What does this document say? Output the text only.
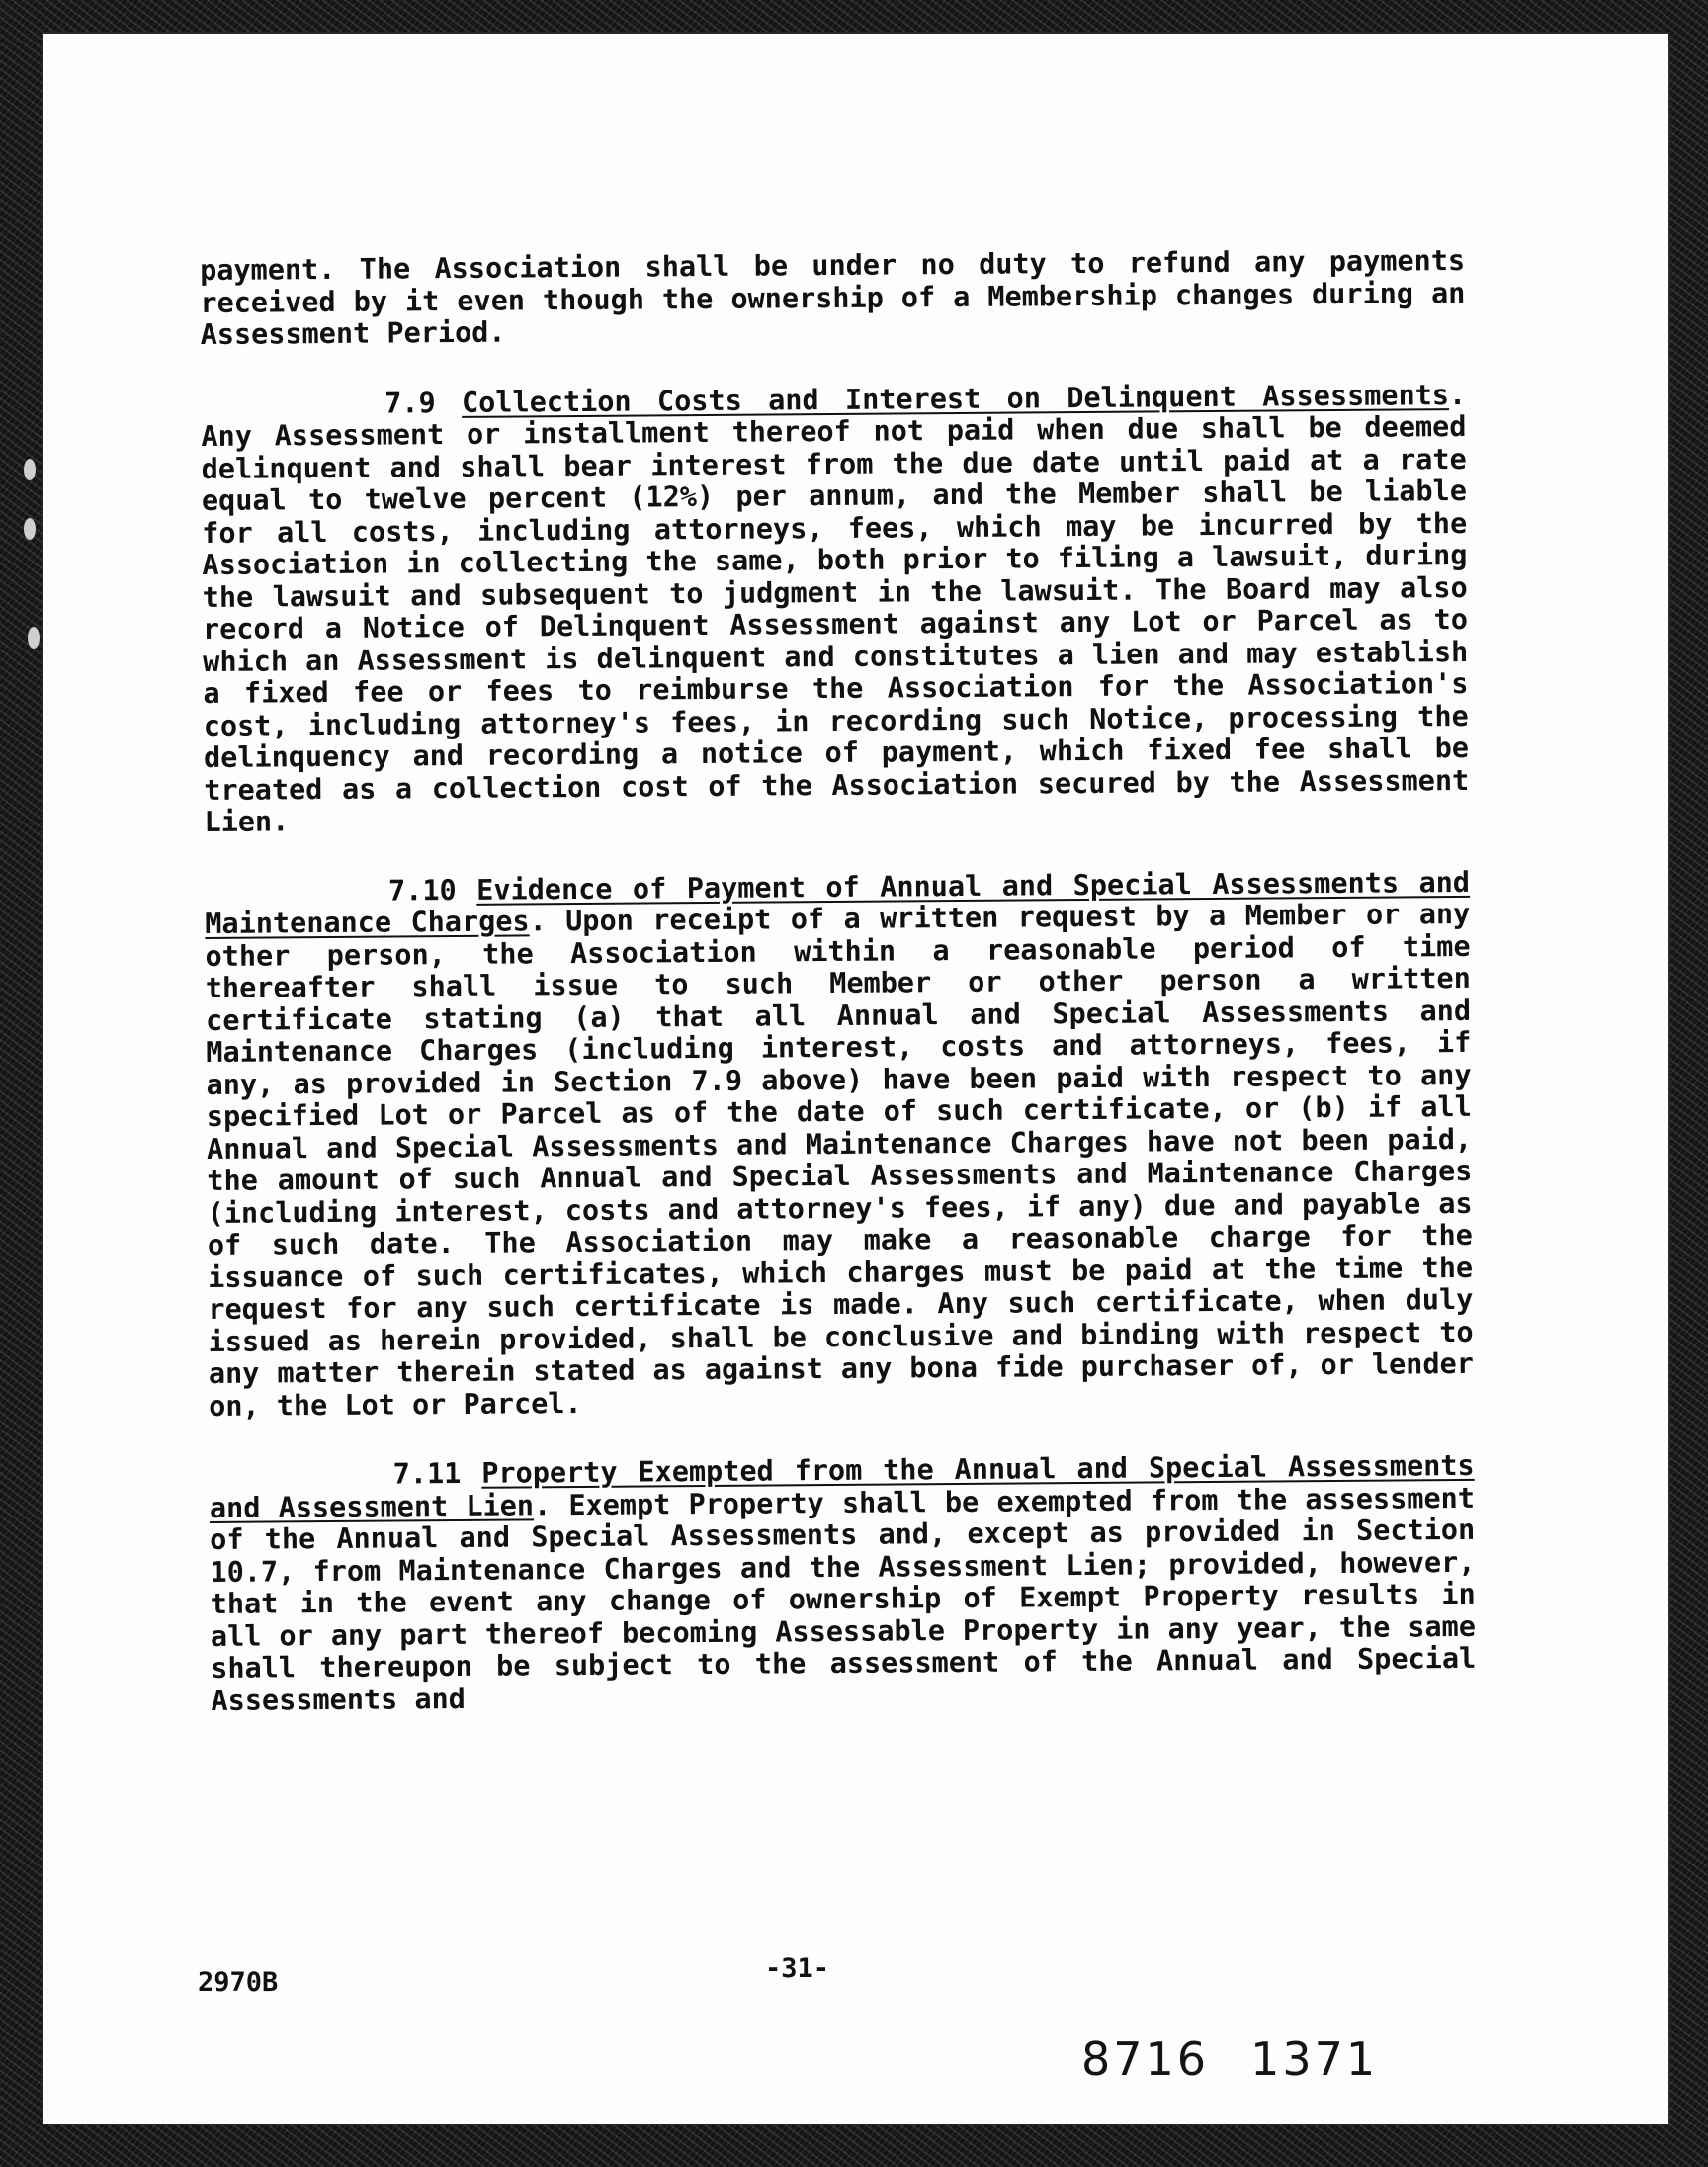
payment. The Association shall be under no duty to refund any payments received by it even though the ownership of a Membership changes during an Assessment Period.

7.9 Collection Costs and Interest on Delinquent Assessments. Any Assessment or installment thereof not paid when due shall be deemed delinquent and shall bear interest from the due date until paid at a rate equal to twelve percent (12%) per annum, and the Member shall be liable for all costs, including attorneys, fees, which may be incurred by the Association in collecting the same, both prior to filing a lawsuit, during the lawsuit and subsequent to judgment in the lawsuit. The Board may also record a Notice of Delinquent Assessment against any Lot or Parcel as to which an Assessment is delinquent and constitutes a lien and may establish a fixed fee or fees to reimburse the Association for the Association's cost, including attorney's fees, in recording such Notice, processing the delinquency and recording a notice of payment, which fixed fee shall be treated as a collection cost of the Association secured by the Assessment Lien.

7.10 Evidence of Payment of Annual and Special Assessments and Maintenance Charges. Upon receipt of a written request by a Member or any other person, the Association within a reasonable period of time thereafter shall issue to such Member or other person a written certificate stating (a) that all Annual and Special Assessments and Maintenance Charges (including interest, costs and attorneys, fees, if any, as provided in Section 7.9 above) have been paid with respect to any specified Lot or Parcel as of the date of such certificate, or (b) if all Annual and Special Assessments and Maintenance Charges have not been paid, the amount of such Annual and Special Assessments and Maintenance Charges (including interest, costs and attorney's fees, if any) due and payable as of such date. The Association may make a reasonable charge for the issuance of such certificates, which charges must be paid at the time the request for any such certificate is made. Any such certificate, when duly issued as herein provided, shall be conclusive and binding with respect to any matter therein stated as against any bona fide purchaser of, or lender on, the Lot or Parcel.

7.11 Property Exempted from the Annual and Special Assessments and Assessment Lien. Exempt Property shall be exempted from the assessment of the Annual and Special Assessments and, except as provided in Section 10.7, from Maintenance Charges and the Assessment Lien; provided, however, that in the event any change of ownership of Exempt Property results in all or any part thereof becoming Assessable Property in any year, the same shall thereupon be subject to the assessment of the Annual and Special Assessments and

2970B	-31-
8716 1371
